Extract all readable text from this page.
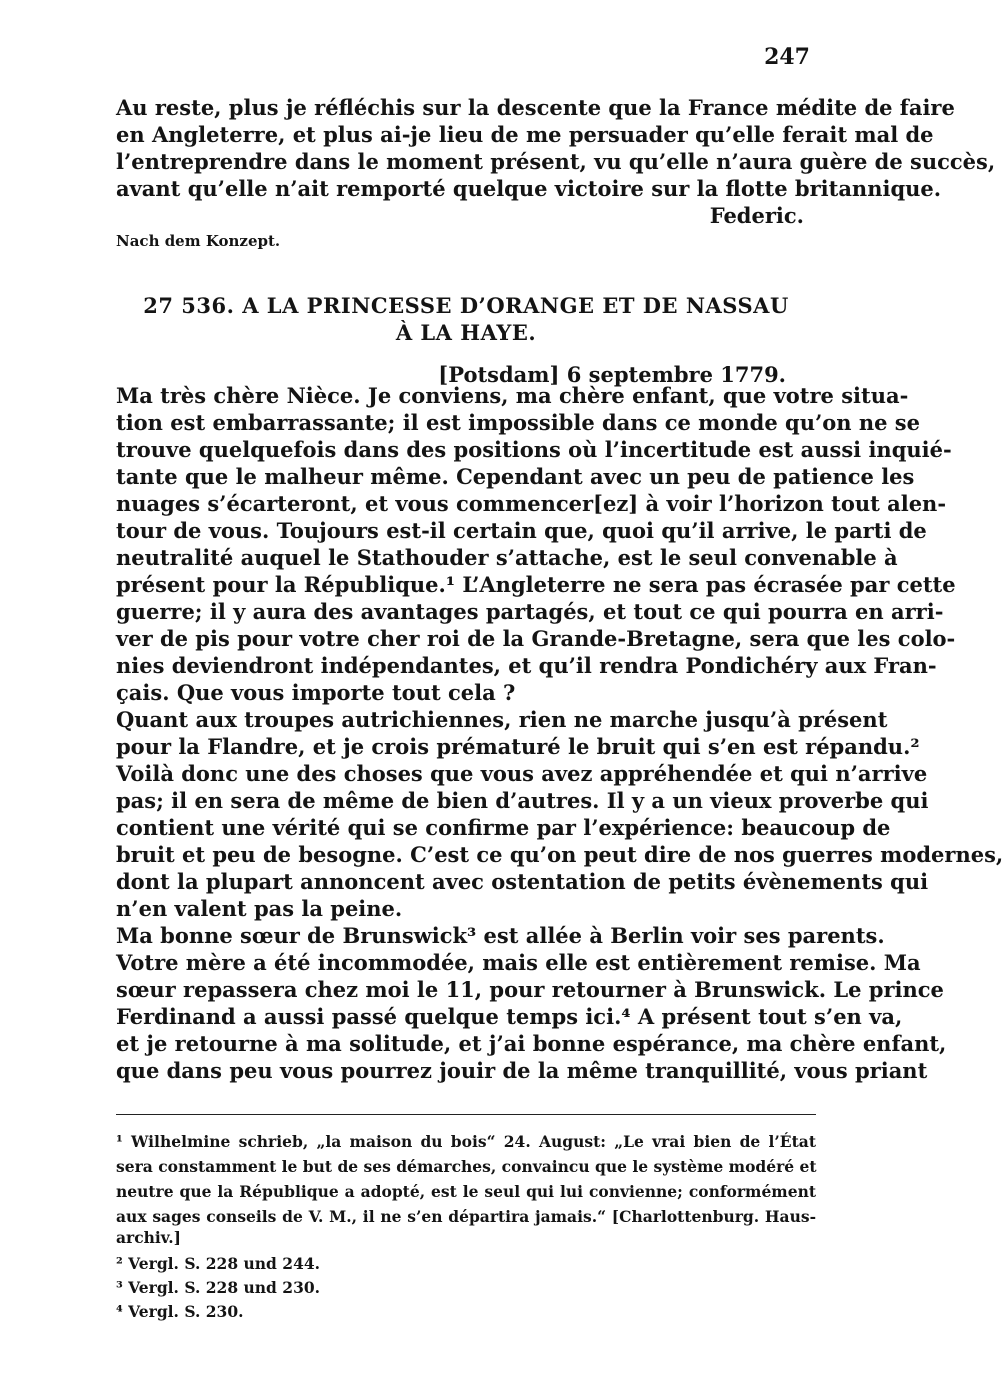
247
Au reste, plus je réfléchis sur la descente que la France médite de faire
en Angleterre, et plus ai-je lieu de me persuader qu’elle ferait mal de
l’entreprendre dans le moment présent, vu qu’elle n’aura guère de succès,
avant qu’elle n’ait remporté quelque victoire sur la flotte britannique.
Federic.
Nach dem Konzept.
27 536. A LA PRINCESSE D’ORANGE ET DE NASSAU
À LA HAYE.
[Potsdam] 6 septembre 1779.
Ma très chère Nièce. Je conviens, ma chère enfant, que votre situa-
tion est embarrassante; il est impossible dans ce monde qu’on ne se
trouve quelquefois dans des positions où l’incertitude est aussi inquié-
tante que le malheur même. Cependant avec un peu de patience les
nuages s’écarteront, et vous commencer[ez] à voir l’horizon tout alen-
tour de vous. Toujours est-il certain que, quoi qu’il arrive, le parti de
neutralité auquel le Stathouder s’attache, est le seul convenable à
présent pour la République.¹ L’Angleterre ne sera pas écrasée par cette
guerre; il y aura des avantages partagés, et tout ce qui pourra en arri-
ver de pis pour votre cher roi de la Grande-Bretagne, sera que les colo-
nies deviendront indépendantes, et qu’il rendra Pondichéry aux Fran-
çais. Que vous importe tout cela ?
Quant aux troupes autrichiennes, rien ne marche jusqu’à présent
pour la Flandre, et je crois prématuré le bruit qui s’en est répandu.²
Voilà donc une des choses que vous avez appréhendée et qui n’arrive
pas; il en sera de même de bien d’autres. Il y a un vieux proverbe qui
contient une vérité qui se confirme par l’expérience: beaucoup de
bruit et peu de besogne. C’est ce qu’on peut dire de nos guerres modernes,
dont la plupart annoncent avec ostentation de petits évènements qui
n’en valent pas la peine.
Ma bonne sœur de Brunswick³ est allée à Berlin voir ses parents.
Votre mère a été incommodée, mais elle est entièrement remise. Ma
sœur repassera chez moi le 11, pour retourner à Brunswick. Le prince
Ferdinand a aussi passé quelque temps ici.⁴ A présent tout s’en va,
et je retourne à ma solitude, et j’ai bonne espérance, ma chère enfant,
que dans peu vous pourrez jouir de la même tranquillité, vous priant
¹ Wilhelmine schrieb, „la maison du bois“ 24. August: „Le vrai bien de l’État
sera constamment le but de ses démarches, convaincu que le système modéré et
neutre que la République a adopté, est le seul qui lui convienne; conformément
aux sages conseils de V. M., il ne s’en départira jamais.“ [Charlottenburg. Haus-
archiv.]
² Vergl. S. 228 und 244.
³ Vergl. S. 228 und 230.
⁴ Vergl. S. 230.
